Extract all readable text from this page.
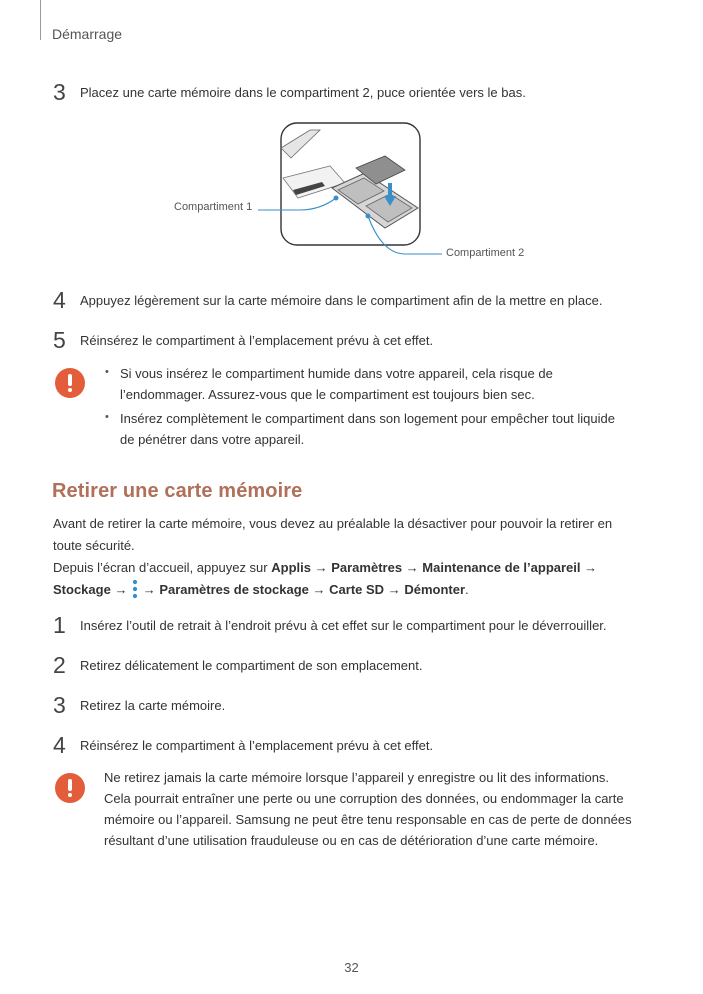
Démarrage
3 Placez une carte mémoire dans le compartiment 2, puce orientée vers le bas.
Compartiment 1
Compartiment 2
4 Appuyez légèrement sur la carte mémoire dans le compartiment afin de la mettre en place.
5 Réinsérez le compartiment à l’emplacement prévu à cet effet.
• Si vous insérez le compartiment humide dans votre appareil, cela risque de
l’endommager. Assurez-vous que le compartiment est toujours bien sec.
• Insérez complètement le compartiment dans son logement pour empêcher tout liquide
de pénétrer dans votre appareil.
Retirer une carte mémoire
Avant de retirer la carte mémoire, vous devez au préalable la désactiver pour pouvoir la retirer en
toute sécurité.
Depuis l’écran d’accueil, appuyez sur Applis → Paramètres → Maintenance de l’appareil →
Stockage → → Paramètres de stockage → Carte SD → Démonter.
1 Insérez l’outil de retrait à l’endroit prévu à cet effet sur le compartiment pour le déverrouiller.
2 Retirez délicatement le compartiment de son emplacement.
3 Retirez la carte mémoire.
4 Réinsérez le compartiment à l’emplacement prévu à cet effet.
Ne retirez jamais la carte mémoire lorsque l’appareil y enregistre ou lit des informations.
Cela pourrait entraîner une perte ou une corruption des données, ou endommager la carte
mémoire ou l’appareil. Samsung ne peut être tenu responsable en cas de perte de données
résultant d’une utilisation frauduleuse ou en cas de détérioration d’une carte mémoire.
32
